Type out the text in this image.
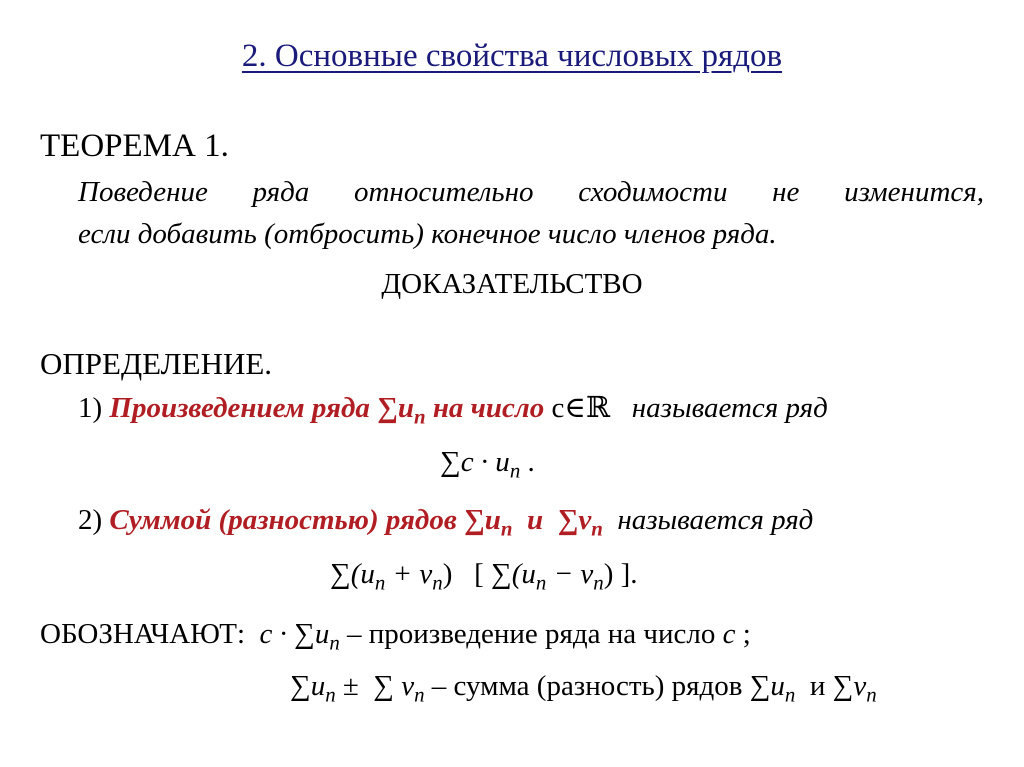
2. Основные свойства числовых рядов
ТЕОРЕМА 1.
Поведение ряда относительно сходимости не изменится,
если добавить (отбросить) конечное число членов ряда.
ДОКАЗАТЕЛЬСТВО
ОПРЕДЕЛЕНИЕ.
1) Произведением ряда $\sum u_n$ на число c∈ℝ называется ряд
$\sum c \cdot u_n$ .
2) Суммой (разностью) рядов $\sum u_n$ и $\sum v_n$ называется ряд
$\sum(u_n + v_n)$ [ $\sum(u_n - v_n)$ ].
ОБОЗНАЧАЮТ: $c \cdot \sum u_n$ – произведение ряда на число c ;
$\sum u_n$ ± ∑ $v_n$ – сумма (разность) рядов $\sum u_n$ и $\sum v_n$
